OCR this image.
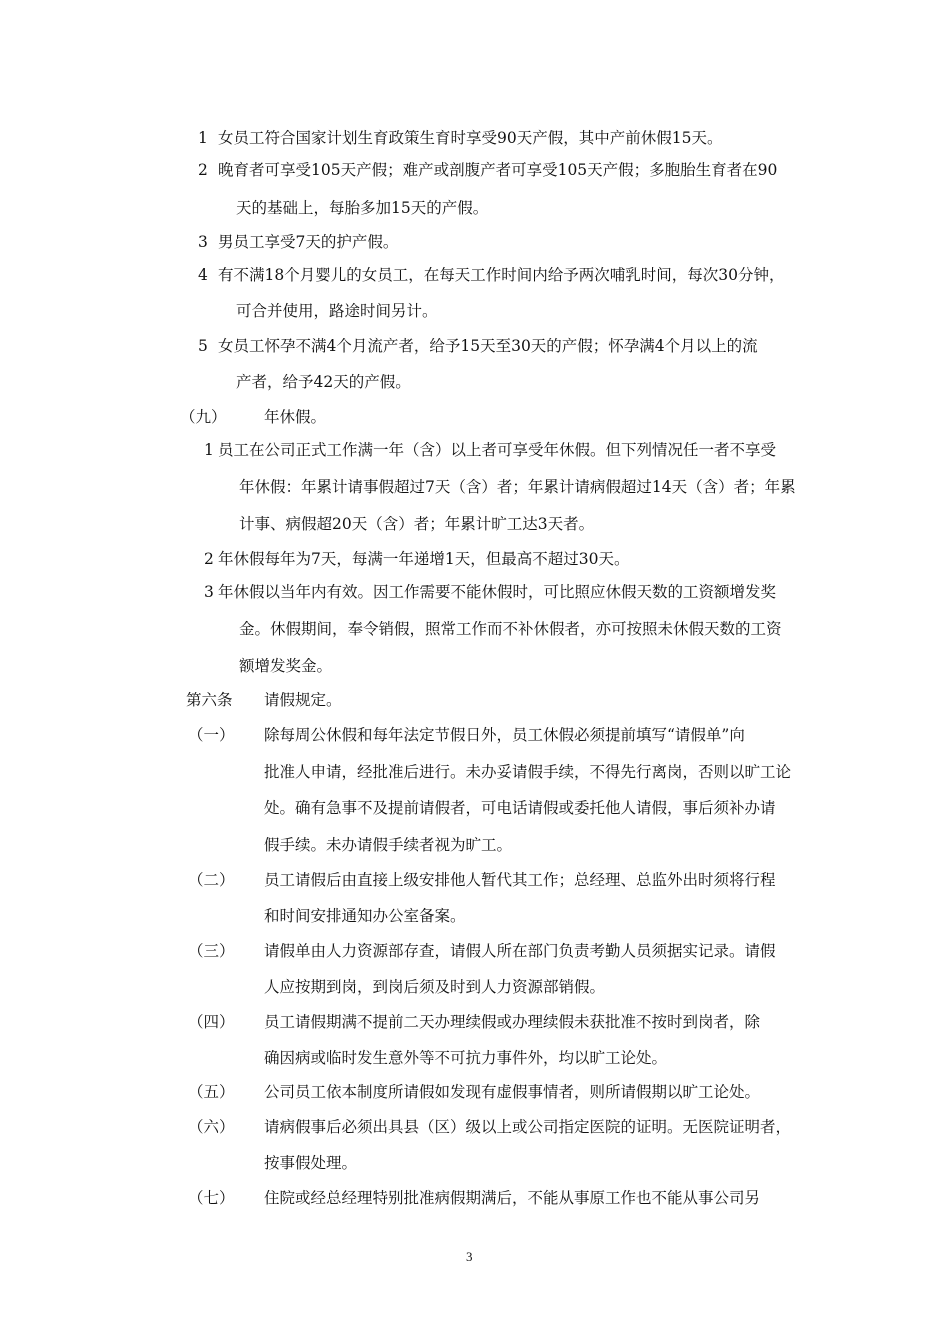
1 女员工符合国家计划生育政策生育时享受90天产假，其中产前休假15天。
2 晚育者可享受105天产假；难产或剖腹产者可享受105天产假；多胞胎生育者在90
天的基础上，每胎多加15天的产假。
3 男员工享受7天的护产假。
4 有不满18个月婴儿的女员工，在每天工作时间内给予两次哺乳时间，每次30分钟，
可合并使用，路途时间另计。
5 女员工怀孕不满4个月流产者，给予15天至30天的产假；怀孕满4个月以上的流
产者，给予42天的产假。
（九） 年休假。
1 员工在公司正式工作满一年（含）以上者可享受年休假。但下列情况任一者不享受
年休假：年累计请事假超过7天（含）者；年累计请病假超过14天（含）者；年累
计事、病假超20天（含）者；年累计旷工达3天者。
2 年休假每年为7天，每满一年递增1天，但最高不超过30天。
3 年休假以当年内有效。因工作需要不能休假时，可比照应休假天数的工资额增发奖
金。休假期间，奉令销假，照常工作而不补休假者，亦可按照未休假天数的工资
额增发奖金。
第六条 请假规定。
（一） 除每周公休假和每年法定节假日外，员工休假必须提前填写“请假单”向
批准人申请，经批准后进行。未办妥请假手续，不得先行离岗，否则以旷工论
处。确有急事不及提前请假者，可电话请假或委托他人请假，事后须补办请
假手续。未办请假手续者视为旷工。
（二） 员工请假后由直接上级安排他人暂代其工作；总经理、总监外出时须将行程
和时间安排通知办公室备案。
（三） 请假单由人力资源部存查，请假人所在部门负责考勤人员须据实记录。请假
人应按期到岗，到岗后须及时到人力资源部销假。
（四） 员工请假期满不提前二天办理续假或办理续假未获批准不按时到岗者，除
确因病或临时发生意外等不可抗力事件外，均以旷工论处。
（五） 公司员工依本制度所请假如发现有虚假事情者，则所请假期以旷工论处。
（六） 请病假事后必须出具县（区）级以上或公司指定医院的证明。无医院证明者，
按事假处理。
（七） 住院或经总经理特别批准病假期满后，不能从事原工作也不能从事公司另
3
